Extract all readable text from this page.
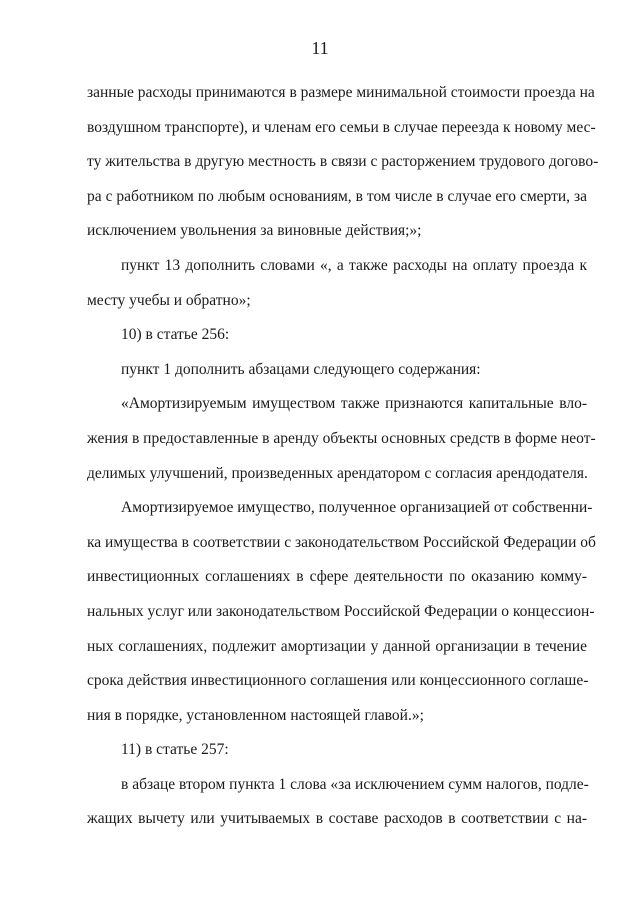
11
занные расходы принимаются в размере минимальной стоимости проезда на
воздушном транспорте), и членам его семьи в случае переезда к новому мес-
ту жительства в другую местность в связи с расторжением трудового догово-
ра с работником по любым основаниям, в том числе в случае его смерти, за
исключением увольнения за виновные действия;»;
пункт 13 дополнить словами «, а также расходы на оплату проезда к
месту учебы и обратно»;
10) в статье 256:
пункт 1 дополнить абзацами следующего содержания:
«Амортизируемым имуществом также признаются капитальные вло-
жения в предоставленные в аренду объекты основных средств в форме неот-
делимых улучшений, произведенных арендатором с согласия арендодателя.
Амортизируемое имущество, полученное организацией от собственни-
ка имущества в соответствии с законодательством Российской Федерации об
инвестиционных соглашениях в сфере деятельности по оказанию комму-
нальных услуг или законодательством Российской Федерации о концессион-
ных соглашениях, подлежит амортизации у данной организации в течение
срока действия инвестиционного соглашения или концессионного соглаше-
ния в порядке, установленном настоящей главой.»;
11) в статье 257:
в абзаце втором пункта 1 слова «за исключением сумм налогов, подле-
жащих вычету или учитываемых в составе расходов в соответствии с на-
